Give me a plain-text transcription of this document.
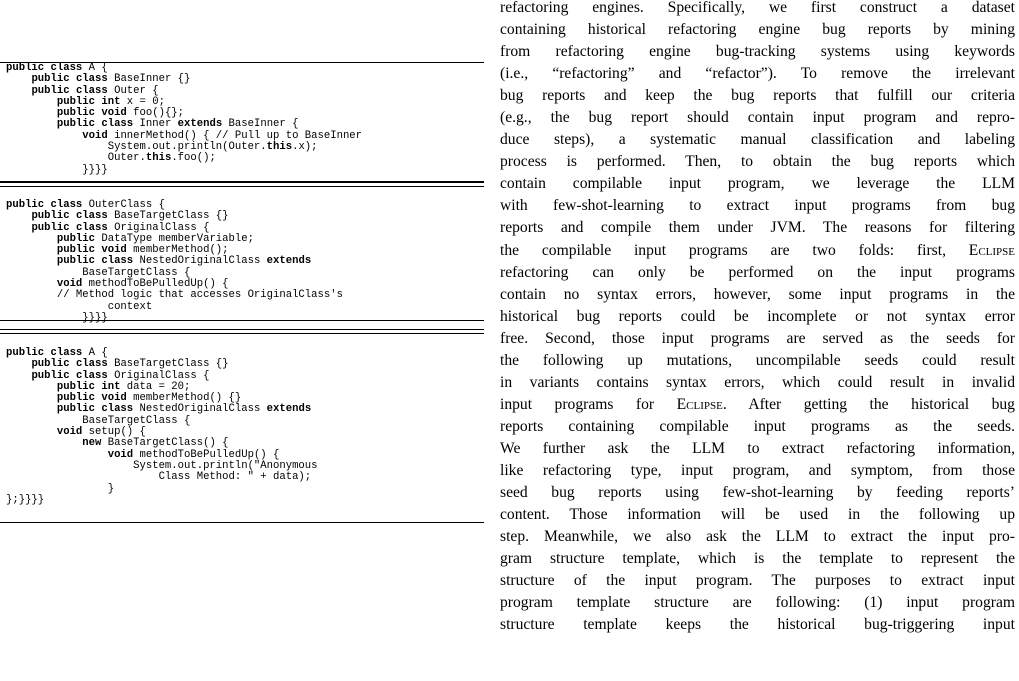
public class A {
public class BaseInner {}
public class Outer {
public int x = 0;
public void foo(){};
public class Inner extends BaseInner {
void innerMethod() { // Pull up to BaseInner
System.out.println(Outer.this.x);
Outer.this.foo();
}}}}

public class OuterClass {
public class BaseTargetClass {}
public class OriginalClass {
public DataType memberVariable;
public void memberMethod();
public class NestedOriginalClass extends
BaseTargetClass {
void methodToBePulledUp() {
// Method logic that accesses OriginalClass's
context
}}}}

public class A {
public class BaseTargetClass {}
public class OriginalClass {
public int data = 20;
public void memberMethod() {}
public class NestedOriginalClass extends
BaseTargetClass {
void setup() {
new BaseTargetClass() {
void methodToBePulledUp() {
System.out.println("Anonymous
Class Method: " + data);
}
};}}}}

refactoring engines. Specifically, we first construct a dataset
containing historical refactoring engine bug reports by mining
from refactoring engine bug-tracking systems using keywords
(i.e., “refactoring” and “refactor”). To remove the irrelevant
bug reports and keep the bug reports that fulfill our criteria
(e.g., the bug report should contain input program and repro-
duce steps), a systematic manual classification and labeling
process is performed. Then, to obtain the bug reports which
contain compilable input program, we leverage the LLM
with few-shot-learning to extract input programs from bug
reports and compile them under JVM. The reasons for filtering
the compilable input programs are two folds: first, Eclipse
refactoring can only be performed on the input programs
contain no syntax errors, however, some input programs in the
historical bug reports could be incomplete or not syntax error
free. Second, those input programs are served as the seeds for
the following up mutations, uncompilable seeds could result
in variants contains syntax errors, which could result in invalid
input programs for Eclipse. After getting the historical bug
reports containing compilable input programs as the seeds.
We further ask the LLM to extract refactoring information,
like refactoring type, input program, and symptom, from those
seed bug reports using few-shot-learning by feeding reports’
content. Those information will be used in the following up
step. Meanwhile, we also ask the LLM to extract the input pro-
gram structure template, which is the template to represent the
structure of the input program. The purposes to extract input
program template structure are following: (1) input program
structure template keeps the historical bug-triggering input
